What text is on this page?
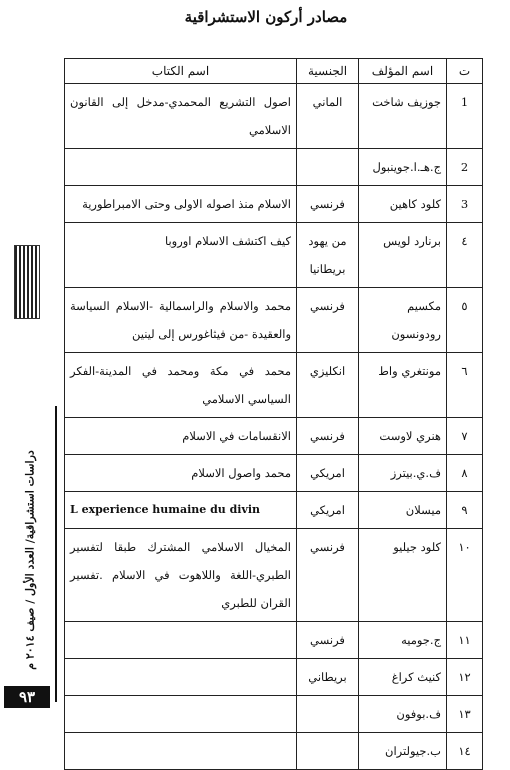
مصادر أركون الاستشراقية
ت	اسم المؤلف	الجنسية	اسم الكتاب
1	جوزيف شاخت	الماني	اصول التشريع المحمدي-مدخل إلى القانون الاسلامي
2	ج.هـ.ا.جوينبول		
3	كلود كاهين	فرنسي	الاسلام منذ اصوله الاولى وحتى الامبراطورية
٤	برنارد لويس	من يهود بريطانيا	كيف اكتشف الاسلام اوروبا
٥	مكسيم رودونسون	فرنسي	محمد والاسلام والراسمالية -الاسلام السياسة والعقيدة -من فيثاغورس إلى لينين
٦	مونتغري واط	انكليزي	محمد في مكة ومحمد في المدينة-الفكر السياسي الاسلامي
٧	هنري لاوست	فرنسي	الانقسامات في الاسلام
٨	ف.ي.بيترز	امريكي	محمد واصول الاسلام
٩	ميسلان	امريكي	L experience humaine du divin
١٠	كلود جيليو	فرنسي	المخيال الاسلامي المشترك طبقا لتفسير الطبري-اللغة واللاهوت في الاسلام .تفسير القران للطبري
١١	ج.جوميه	فرنسي	
١٢	كنيث كراغ	بريطاني	
١٣	ف.بوفون		
١٤	ب.جيولتران		
دراسات استشراقية/ العدد الأول / صيف ٢٠١٤ م
٩٣
